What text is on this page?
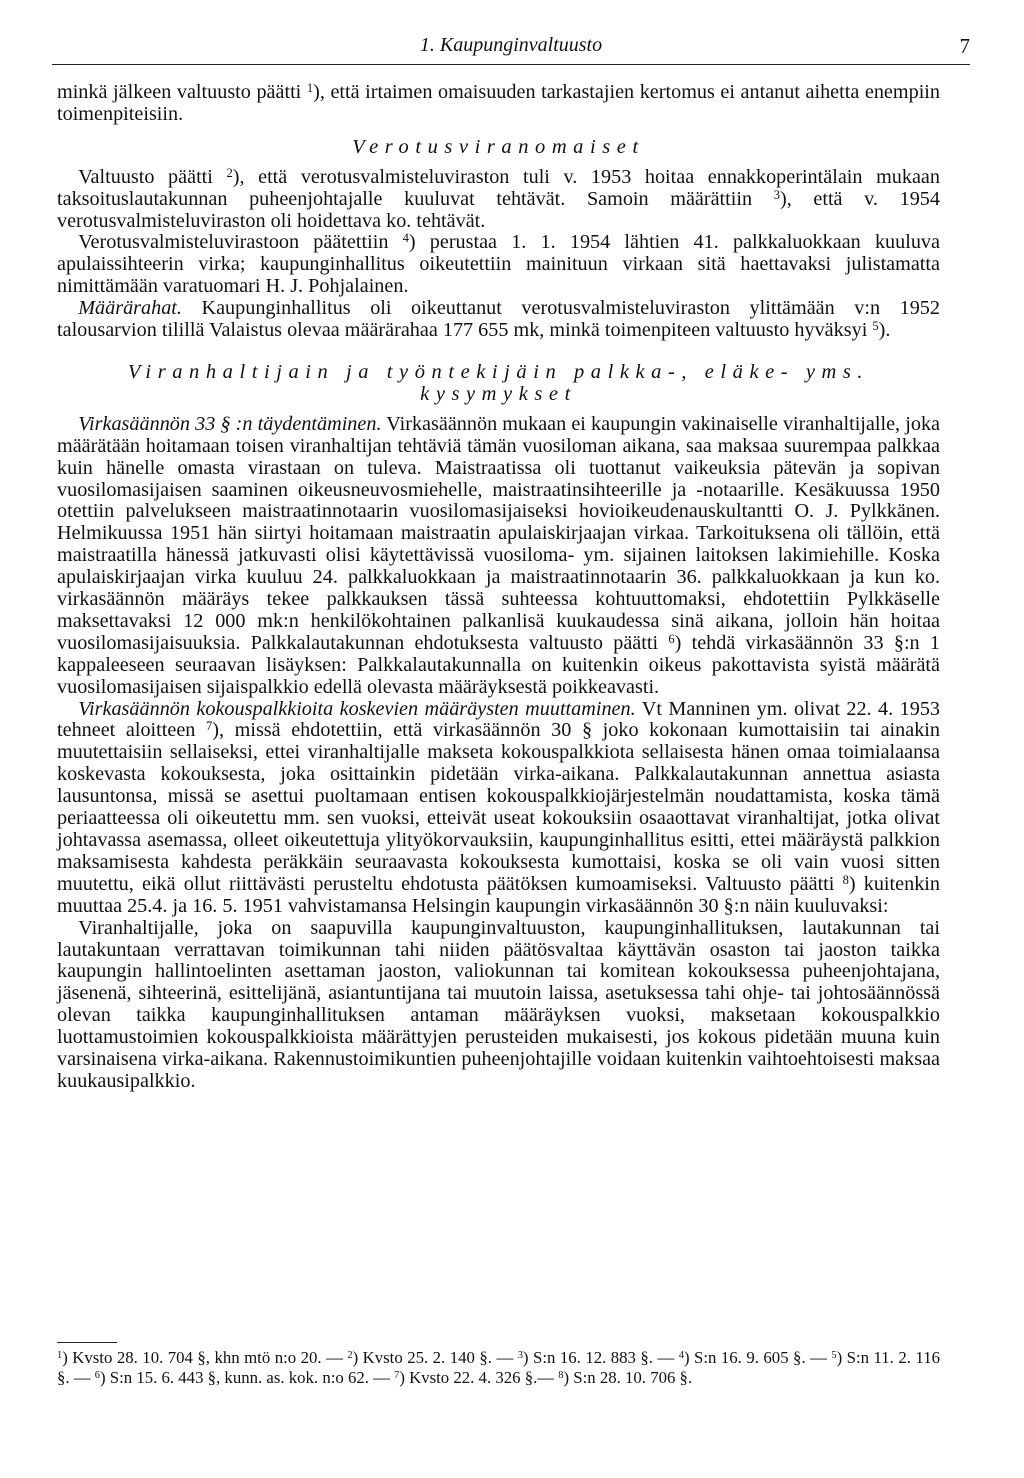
1. Kaupunginvaltuusto	7

minkä jälkeen valtuusto päätti $^1$), että irtaimen omaisuuden tarkastajien kertomus ei antanut aihetta enempiin toimenpiteisiin.

Verotusviranomaiset

Valtuusto päätti $^2$), että verotusvalmisteluviraston tuli v. 1953 hoitaa ennakkoperintälain mukaan taksoituslautakunnan puheenjohtajalle kuuluvat tehtävät. Samoin määrättiin $^3$), että v. 1954 verotusvalmisteluviraston oli hoidettava ko. tehtävät.

Verotusvalmisteluvirastoon päätettiin $^4$) perustaa 1. 1. 1954 lähtien 41. palkkaluokkaan kuuluva apulaissihteerin virka; kaupunginhallitus oikeutettiin mainituun virkaan sitä haettavaksi julistamatta nimittämään varatuomari H. J. Pohjalainen.

Määrärahat. Kaupunginhallitus oli oikeuttanut verotusvalmisteluviraston ylittämään v:n 1952 talousarvion tilillä Valaistus olevaa määrärahaa 177 655 mk, minkä toimenpiteen valtuusto hyväksyi $^5$).

Viranhaltijain ja työntekijäin palkka-, eläke- yms.
kysymykset

Virkasäännön 33 § :n täydentäminen. Virkasäännön mukaan ei kaupungin vakinaiselle viranhaltijalle, joka määrätään hoitamaan toisen viranhaltijan tehtäviä tämän vuosiloman aikana, saa maksaa suurempaa palkkaa kuin hänelle omasta virastaan on tuleva. Maistraatissa oli tuottanut vaikeuksia pätevän ja sopivan vuosilomasijaisen saaminen oikeusneuvosmiehelle, maistraatinsihteerille ja -notaarille. Kesäkuussa 1950 otettiin palvelukseen maistraatinnotaarin vuosilomasijaiseksi hovioikeudenauskultantti O. J. Pylkkänen. Helmikuussa 1951 hän siirtyi hoitamaan maistraatin apulaiskirjaajan virkaa. Tarkoituksena oli tällöin, että maistraatilla hänessä jatkuvasti olisi käytettävissä vuosiloma- ym. sijainen laitoksen lakimiehille. Koska apulaiskirjaajan virka kuuluu 24. palkkaluokkaan ja maistraatinnotaarin 36. palkkaluokkaan ja kun ko. virkasäännön määräys tekee palkkauksen tässä suhteessa kohtuuttomaksi, ehdotettiin Pylkkäselle maksettavaksi 12 000 mk:n henkilökohtainen palkanlisä kuukaudessa sinä aikana, jolloin hän hoitaa vuosilomasijaisuuksia. Palkkalautakunnan ehdotuksesta valtuusto päätti $^6$) tehdä virkasäännön 33 §:n 1 kappaleeseen seuraavan lisäyksen: Palkkalautakunnalla on kuitenkin oikeus pakottavista syistä määrätä vuosilomasijaisen sijaispalkkio edellä olevasta määräyksestä poikkeavasti.

Virkasäännön kokouspalkkioita koskevien määräysten muuttaminen. Vt Manninen ym. olivat 22. 4. 1953 tehneet aloitteen $^7$), missä ehdotettiin, että virkasäännön 30 § joko kokonaan kumottaisiin tai ainakin muutettaisiin sellaiseksi, ettei viranhaltijalle makseta kokouspalkkiota sellaisesta hänen omaa toimialaansa koskevasta kokouksesta, joka osittainkin pidetään virka-aikana. Palkkalautakunnan annettua asiasta lausuntonsa, missä se asettui puoltamaan entisen kokouspalkkiojärjestelmän noudattamista, koska tämä periaatteessa oli oikeutettu mm. sen vuoksi, etteivät useat kokouksiin osaaottavat viranhaltijat, jotka olivat johtavassa asemassa, olleet oikeutettuja ylityökorvauksiin, kaupunginhallitus esitti, ettei määräystä palkkion maksamisesta kahdesta peräkkäin seuraavasta kokouksesta kumottaisi, koska se oli vain vuosi sitten muutettu, eikä ollut riittävästi perusteltu ehdotusta päätöksen kumoamiseksi. Valtuusto päätti $^8$) kuitenkin muuttaa 25.4. ja 16. 5. 1951 vahvistamansa Helsingin kaupungin virkasäännön 30 §:n näin kuuluvaksi:

Viranhaltijalle, joka on saapuvilla kaupunginvaltuuston, kaupunginhallituksen, lautakunnan tai lautakuntaan verrattavan toimikunnan tahi niiden päätösvaltaa käyttävän osaston tai jaoston taikka kaupungin hallintoelinten asettaman jaoston, valiokunnan tai komitean kokouksessa puheenjohtajana, jäsenenä, sihteerinä, esittelijänä, asiantuntijana tai muutoin laissa, asetuksessa tahi ohje- tai johtosäännössä olevan taikka kaupunginhallituksen antaman määräyksen vuoksi, maksetaan kokouspalkkio luottamustoimien kokouspalkkioista määrättyjen perusteiden mukaisesti, jos kokous pidetään muuna kuin varsinaisena virka-aikana. Rakennustoimikuntien puheenjohtajille voidaan kuitenkin vaihtoehtoisesti maksaa kuukausipalkkio.

$^1$) Kvsto 28. 10. 704 §, khn mtö n:o 20. — $^2$) Kvsto 25. 2. 140 §. — $^3$) S:n 16. 12. 883 §. — $^4$) S:n 16. 9. 605 §. — $^5$) S:n 11. 2. 116 §. — $^6$) S:n 15. 6. 443 §, kunn. as. kok. n:o 62. — $^7$) Kvsto 22. 4. 326 §.— $^8$) S:n 28. 10. 706 §.
